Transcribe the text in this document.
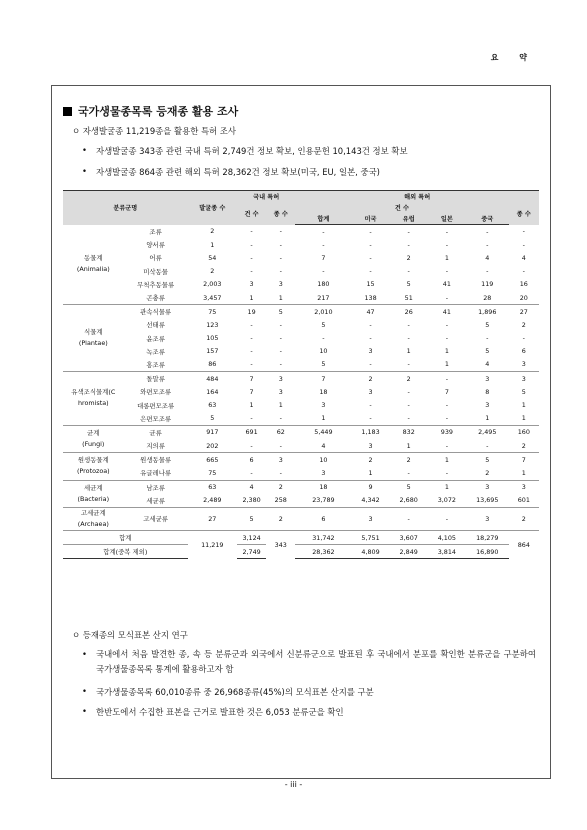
요 약
국가생물종목록 등재종 활용 조사
ㅇ 자생발굴종 11,219종을 활용한 특허 조사
• 자생발굴종 343종 관련 국내 특허 2,749건 정보 확보, 인용문헌 10,143건 정보 확보
• 자생발굴종 864종 관련 해외 특허 28,362건 정보 확보(미국, EU, 일본, 중국)
분류군명		발굴종 수	국내 특허		해외 특허					
			건 수	종 수	건 수					종 수
					합계	미국	유럽	일본	중국	
동물계
(Animalia)	조류	2	-	-	-	-	-	-	-	-
	양서류	1	-	-	-	-	-	-	-	-
	어류	54	-	-	7	-	2	1	4	4
	미삭동물	2	-	-	-	-	-	-	-	-
	무척추동물류	2,003	3	3	180	15	5	41	119	16
	곤충류	3,457	1	1	217	138	51	-	28	20
식물계
(Plantae)	관속식물류	75	19	5	2,010	47	26	41	1,896	27
	선태류	123	-	-	5	-	-	-	5	2
	윤조류	105	-	-	-	-	-	-	-	-
	녹조류	157	-	-	10	3	1	1	5	6
	홍조류	86	-	-	5	-	-	1	4	3
유색조식물계(C
hromista)	돌말류	484	7	3	7	2	2	-	3	3
	와편모조류	164	7	3	18	3	-	7	8	5
	대롱편모조류	63	1	1	3	-	-	-	3	1
	은편모조류	5	-	-	1	-	-	-	1	1
균계
(Fungi)	균류	917	691	62	5,449	1,183	832	939	2,495	160
	지의류	202	-	-	4	3	1	-	-	2
원생동물계
(Protozoa)	원생동물류	665	6	3	10	2	2	1	5	7
	유글레나류	75	-	-	3	1	-	-	2	1
세균계
(Bacteria)	남조류	63	4	2	18	9	5	1	3	3
	세균류	2,489	2,380	258	23,789	4,342	2,680	3,072	13,695	601
고세균계
(Archaea)	고세균류	27	5	2	6	3	-	-	3	2
합계		11,219	3,124	343	31,742	5,751	3,607	4,105	18,279	864
합계(중복 제외)			2,749		28,362	4,809	2,849	3,814	16,890	
ㅇ 등재종의 모식표본 산지 연구
• 국내에서 처음 발견한 종, 속 등 분류군과 외국에서 신분류군으로 발표된 후 국내에서 분포를 확인한 분류군을 구분하여 국가생물종목록 통계에 활용하고자 함
• 국가생물종목록 60,010종류 중 26,968종류(45%)의 모식표본 산지를 구분
• 한반도에서 수집한 표본을 근거로 발표한 것은 6,053 분류군을 확인
- iii -
